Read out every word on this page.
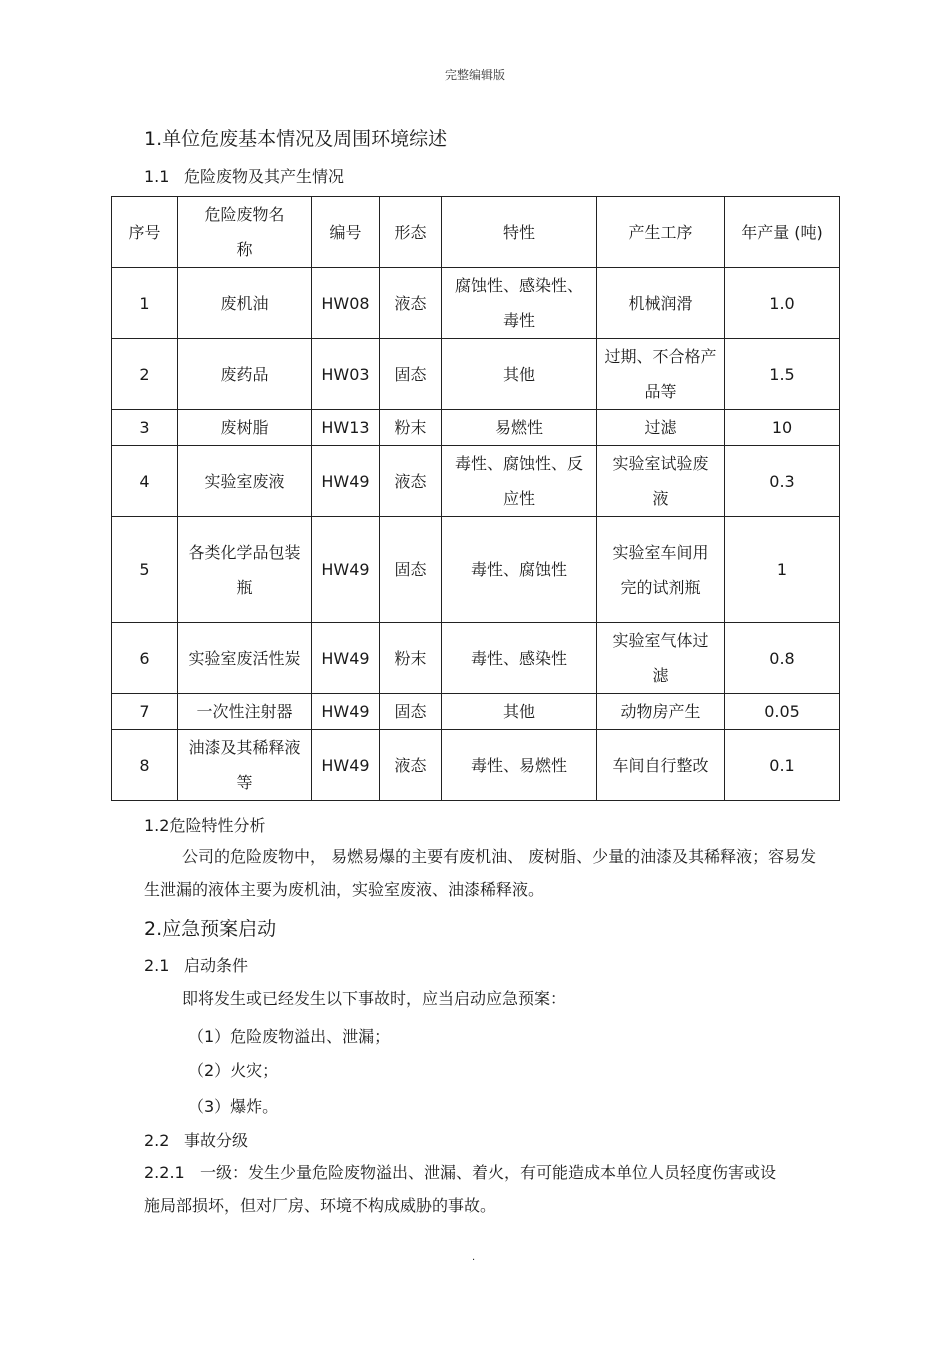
完整编辑版
1.单位危废基本情况及周围环境综述
1.1 危险废物及其产生情况
序号	危险废物名称	编号	形态	特性	产生工序	年产量 (吨)
1	废机油	HW08	液态	腐蚀性、感染性、毒性	机械润滑	1.0
2	废药品	HW03	固态	其他	过期、不合格产品等	1.5
3	废树脂	HW13	粉末	易燃性	过滤	10
4	实验室废液	HW49	液态	毒性、腐蚀性、反应性	实验室试验废液	0.3
5	各类化学品包装瓶	HW49	固态	毒性、腐蚀性	实验室车间用完的试剂瓶	1
6	实验室废活性炭	HW49	粉末	毒性、感染性	实验室气体过滤	0.8
7	一次性注射器	HW49	固态	其他	动物房产生	0.05
8	油漆及其稀释液等	HW49	液态	毒性、易燃性	车间自行整改	0.1
1.2危险特性分析
公司的危险废物中， 易燃易爆的主要有废机油、 废树脂、少量的油漆及其稀释液；容易发生泄漏的液体主要为废机油，实验室废液、油漆稀释液。
2.应急预案启动
2.1 启动条件
即将发生或已经发生以下事故时，应当启动应急预案：
（1）危险废物溢出、泄漏；
（2）火灾；
（3）爆炸。
2.2 事故分级
2.2.1 一级：发生少量危险废物溢出、泄漏、着火，有可能造成本单位人员轻度伤害或设施局部损坏，但对厂房、环境不构成威胁的事故。
.
